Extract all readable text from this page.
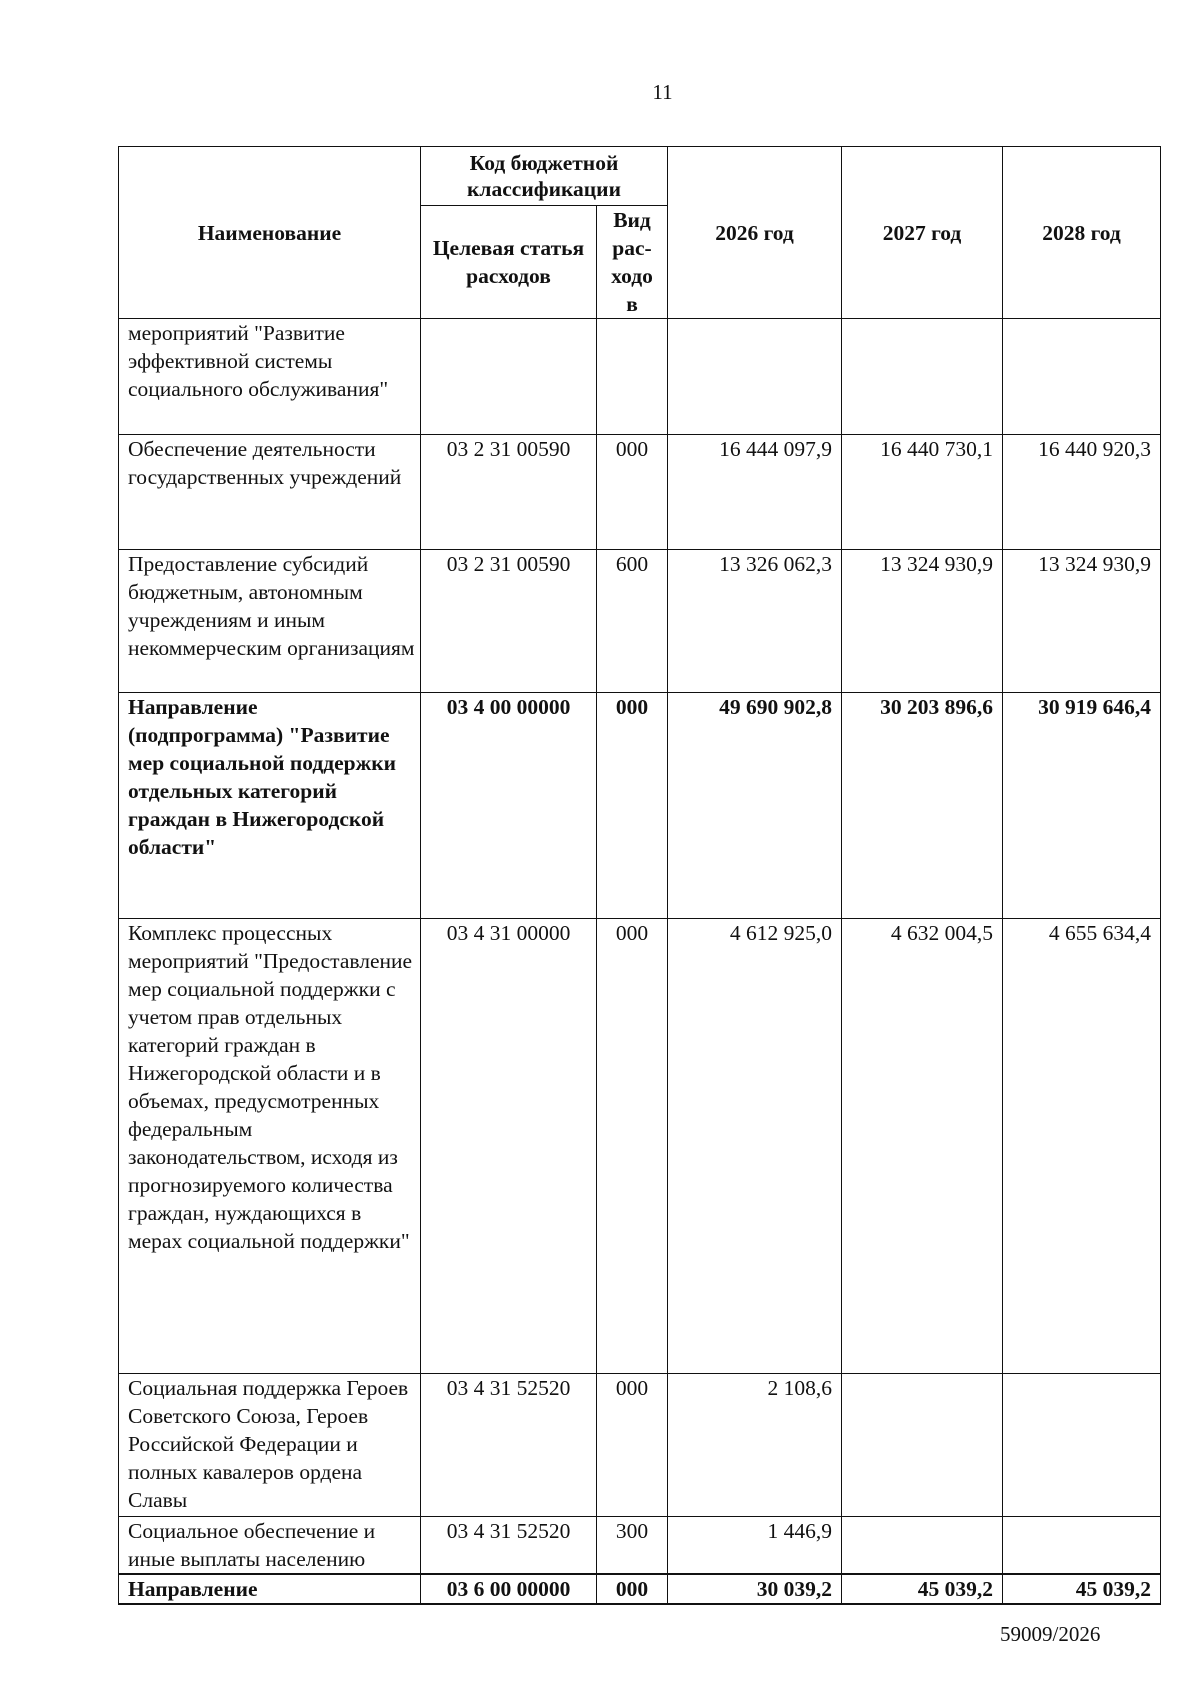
11
Наименование	Код бюджетной классификации		2026 год	2027 год	2028 год
	Целевая статья расходов	Вид рас-ходов			
мероприятий "Развитие эффективной системы социального обслуживания"					
Обеспечение деятельности государственных учреждений	03 2 31 00590	000	16 444 097,9	16 440 730,1	16 440 920,3
Предоставление субсидий бюджетным, автономным учреждениям и иным некоммерческим организациям	03 2 31 00590	600	13 326 062,3	13 324 930,9	13 324 930,9
Направление (подпрограмма) "Развитие мер социальной поддержки отдельных категорий граждан в Нижегородской области"	03 4 00 00000	000	49 690 902,8	30 203 896,6	30 919 646,4
Комплекс процессных мероприятий "Предоставление мер социальной поддержки с учетом прав отдельных категорий граждан в Нижегородской области и в объемах, предусмотренных федеральным законодательством, исходя из прогнозируемого количества граждан, нуждающихся в мерах социальной поддержки"	03 4 31 00000	000	4 612 925,0	4 632 004,5	4 655 634,4
Социальная поддержка Героев Советского Союза, Героев Российской Федерации и полных кавалеров ордена Славы	03 4 31 52520	000	2 108,6		
Социальное обеспечение и иные выплаты населению	03 4 31 52520	300	1 446,9		
Направление	03 6 00 00000	000	30 039,2	45 039,2	45 039,2
59009/2026
